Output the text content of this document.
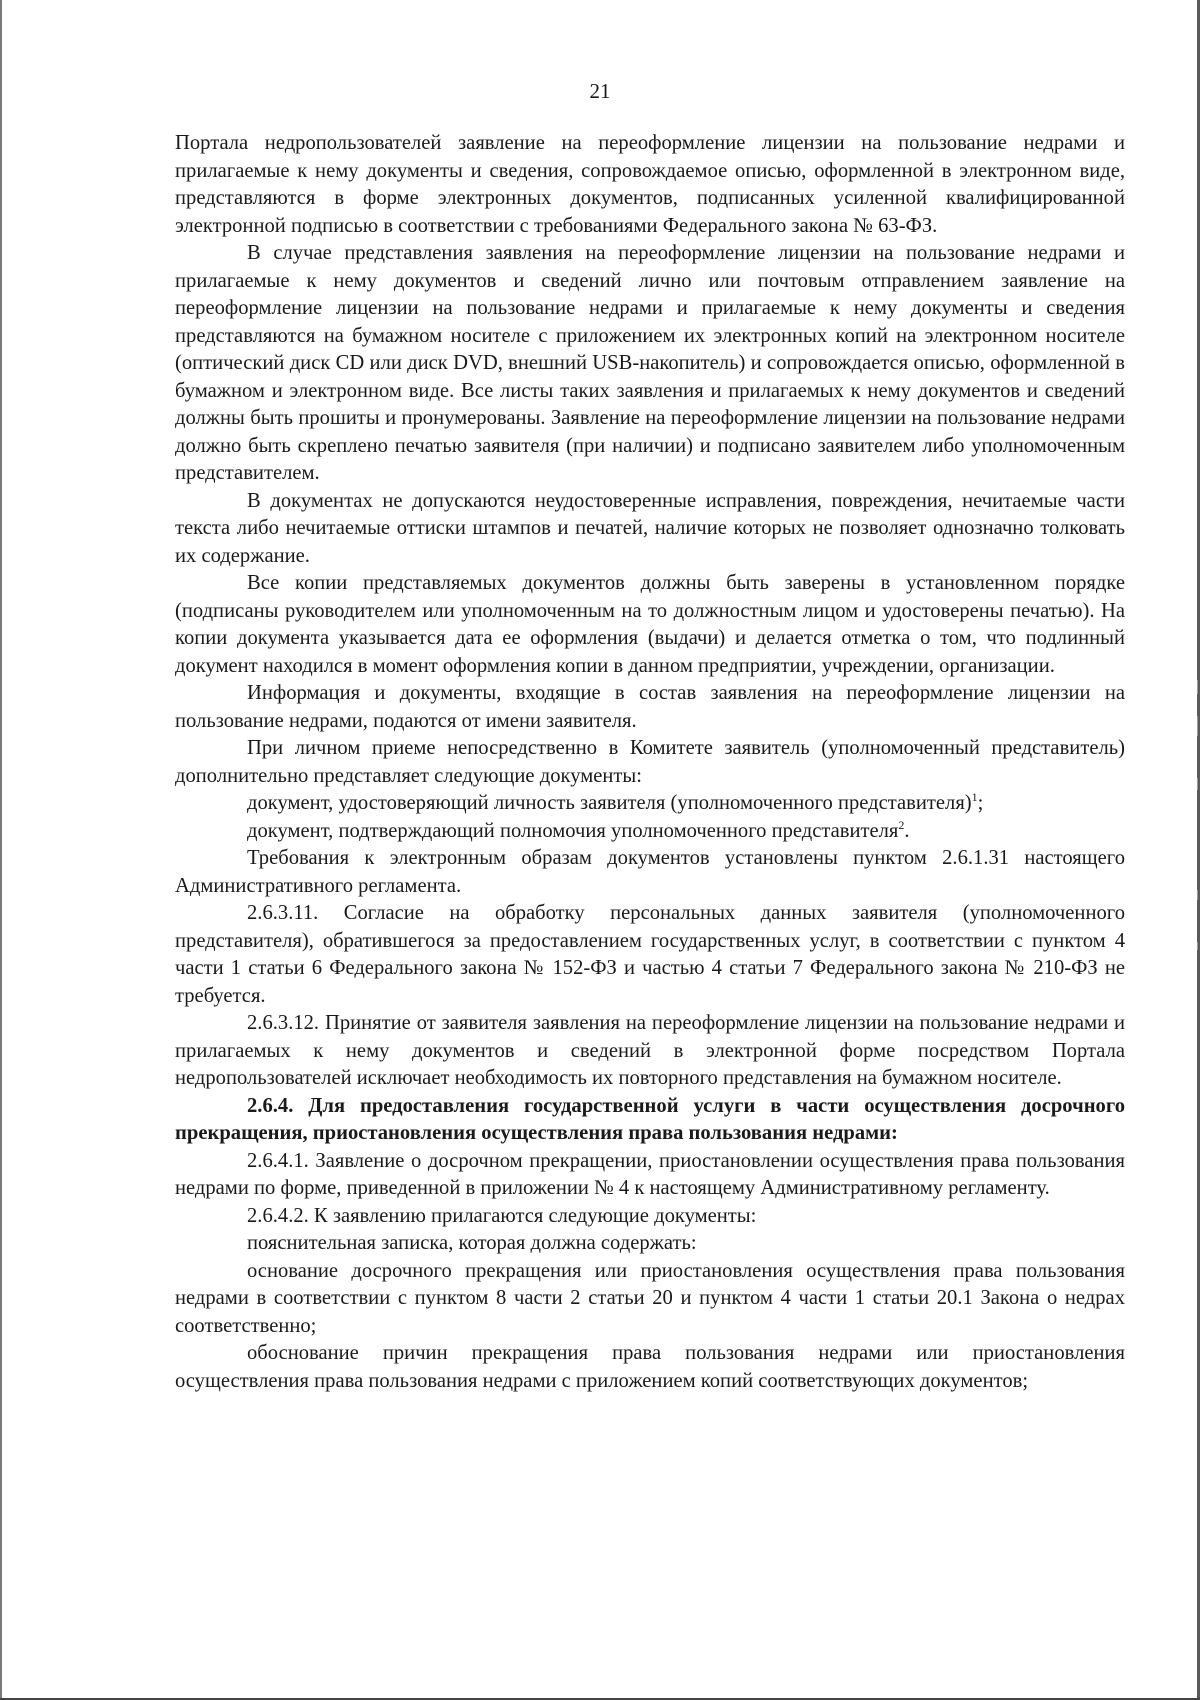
21

Портала недропользователей заявление на переоформление лицензии на пользование недрами и прилагаемые к нему документы и сведения, сопровождаемое описью, оформленной в электронном виде, представляются в форме электронных документов, подписанных усиленной квалифицированной электронной подписью в соответствии с требованиями Федерального закона № 63-ФЗ.

В случае представления заявления на переоформление лицензии на пользование недрами и прилагаемые к нему документов и сведений лично или почтовым отправлением заявление на переоформление лицензии на пользование недрами и прилагаемые к нему документы и сведения представляются на бумажном носителе с приложением их электронных копий на электронном носителе (оптический диск CD или диск DVD, внешний USB-накопитель) и сопровождается описью, оформленной в бумажном и электронном виде. Все листы таких заявления и прилагаемых к нему документов и сведений должны быть прошиты и пронумерованы. Заявление на переоформление лицензии на пользование недрами должно быть скреплено печатью заявителя (при наличии) и подписано заявителем либо уполномоченным представителем.

В документах не допускаются неудостоверенные исправления, повреждения, нечитаемые части текста либо нечитаемые оттиски штампов и печатей, наличие которых не позволяет однозначно толковать их содержание.

Все копии представляемых документов должны быть заверены в установленном порядке (подписаны руководителем или уполномоченным на то должностным лицом и удостоверены печатью). На копии документа указывается дата ее оформления (выдачи) и делается отметка о том, что подлинный документ находился в момент оформления копии в данном предприятии, учреждении, организации.

Информация и документы, входящие в состав заявления на переоформление лицензии на пользование недрами, подаются от имени заявителя.

При личном приеме непосредственно в Комитете заявитель (уполномоченный представитель) дополнительно представляет следующие документы:

документ, удостоверяющий личность заявителя (уполномоченного представителя)$^1$;

документ, подтверждающий полномочия уполномоченного представителя$^2$.

Требования к электронным образам документов установлены пунктом 2.6.1.31 настоящего Административного регламента.

2.6.3.11. Согласие на обработку персональных данных заявителя (уполномоченного представителя), обратившегося за предоставлением государственных услуг, в соответствии с пунктом 4 части 1 статьи 6 Федерального закона № 152-ФЗ и частью 4 статьи 7 Федерального закона № 210-ФЗ не требуется.

2.6.3.12. Принятие от заявителя заявления на переоформление лицензии на пользование недрами и прилагаемых к нему документов и сведений в электронной форме посредством Портала недропользователей исключает необходимость их повторного представления на бумажном носителе.

2.6.4. Для предоставления государственной услуги в части осуществления досрочного прекращения, приостановления осуществления права пользования недрами:

2.6.4.1. Заявление о досрочном прекращении, приостановлении осуществления права пользования недрами по форме, приведенной в приложении № 4 к настоящему Административному регламенту.

2.6.4.2. К заявлению прилагаются следующие документы:

пояснительная записка, которая должна содержать:

основание досрочного прекращения или приостановления осуществления права пользования недрами в соответствии с пунктом 8 части 2 статьи 20 и пунктом 4 части 1 статьи 20.1 Закона о недрах соответственно;

обоснование причин прекращения права пользования недрами или приостановления осуществления права пользования недрами с приложением копий соответствующих документов;
